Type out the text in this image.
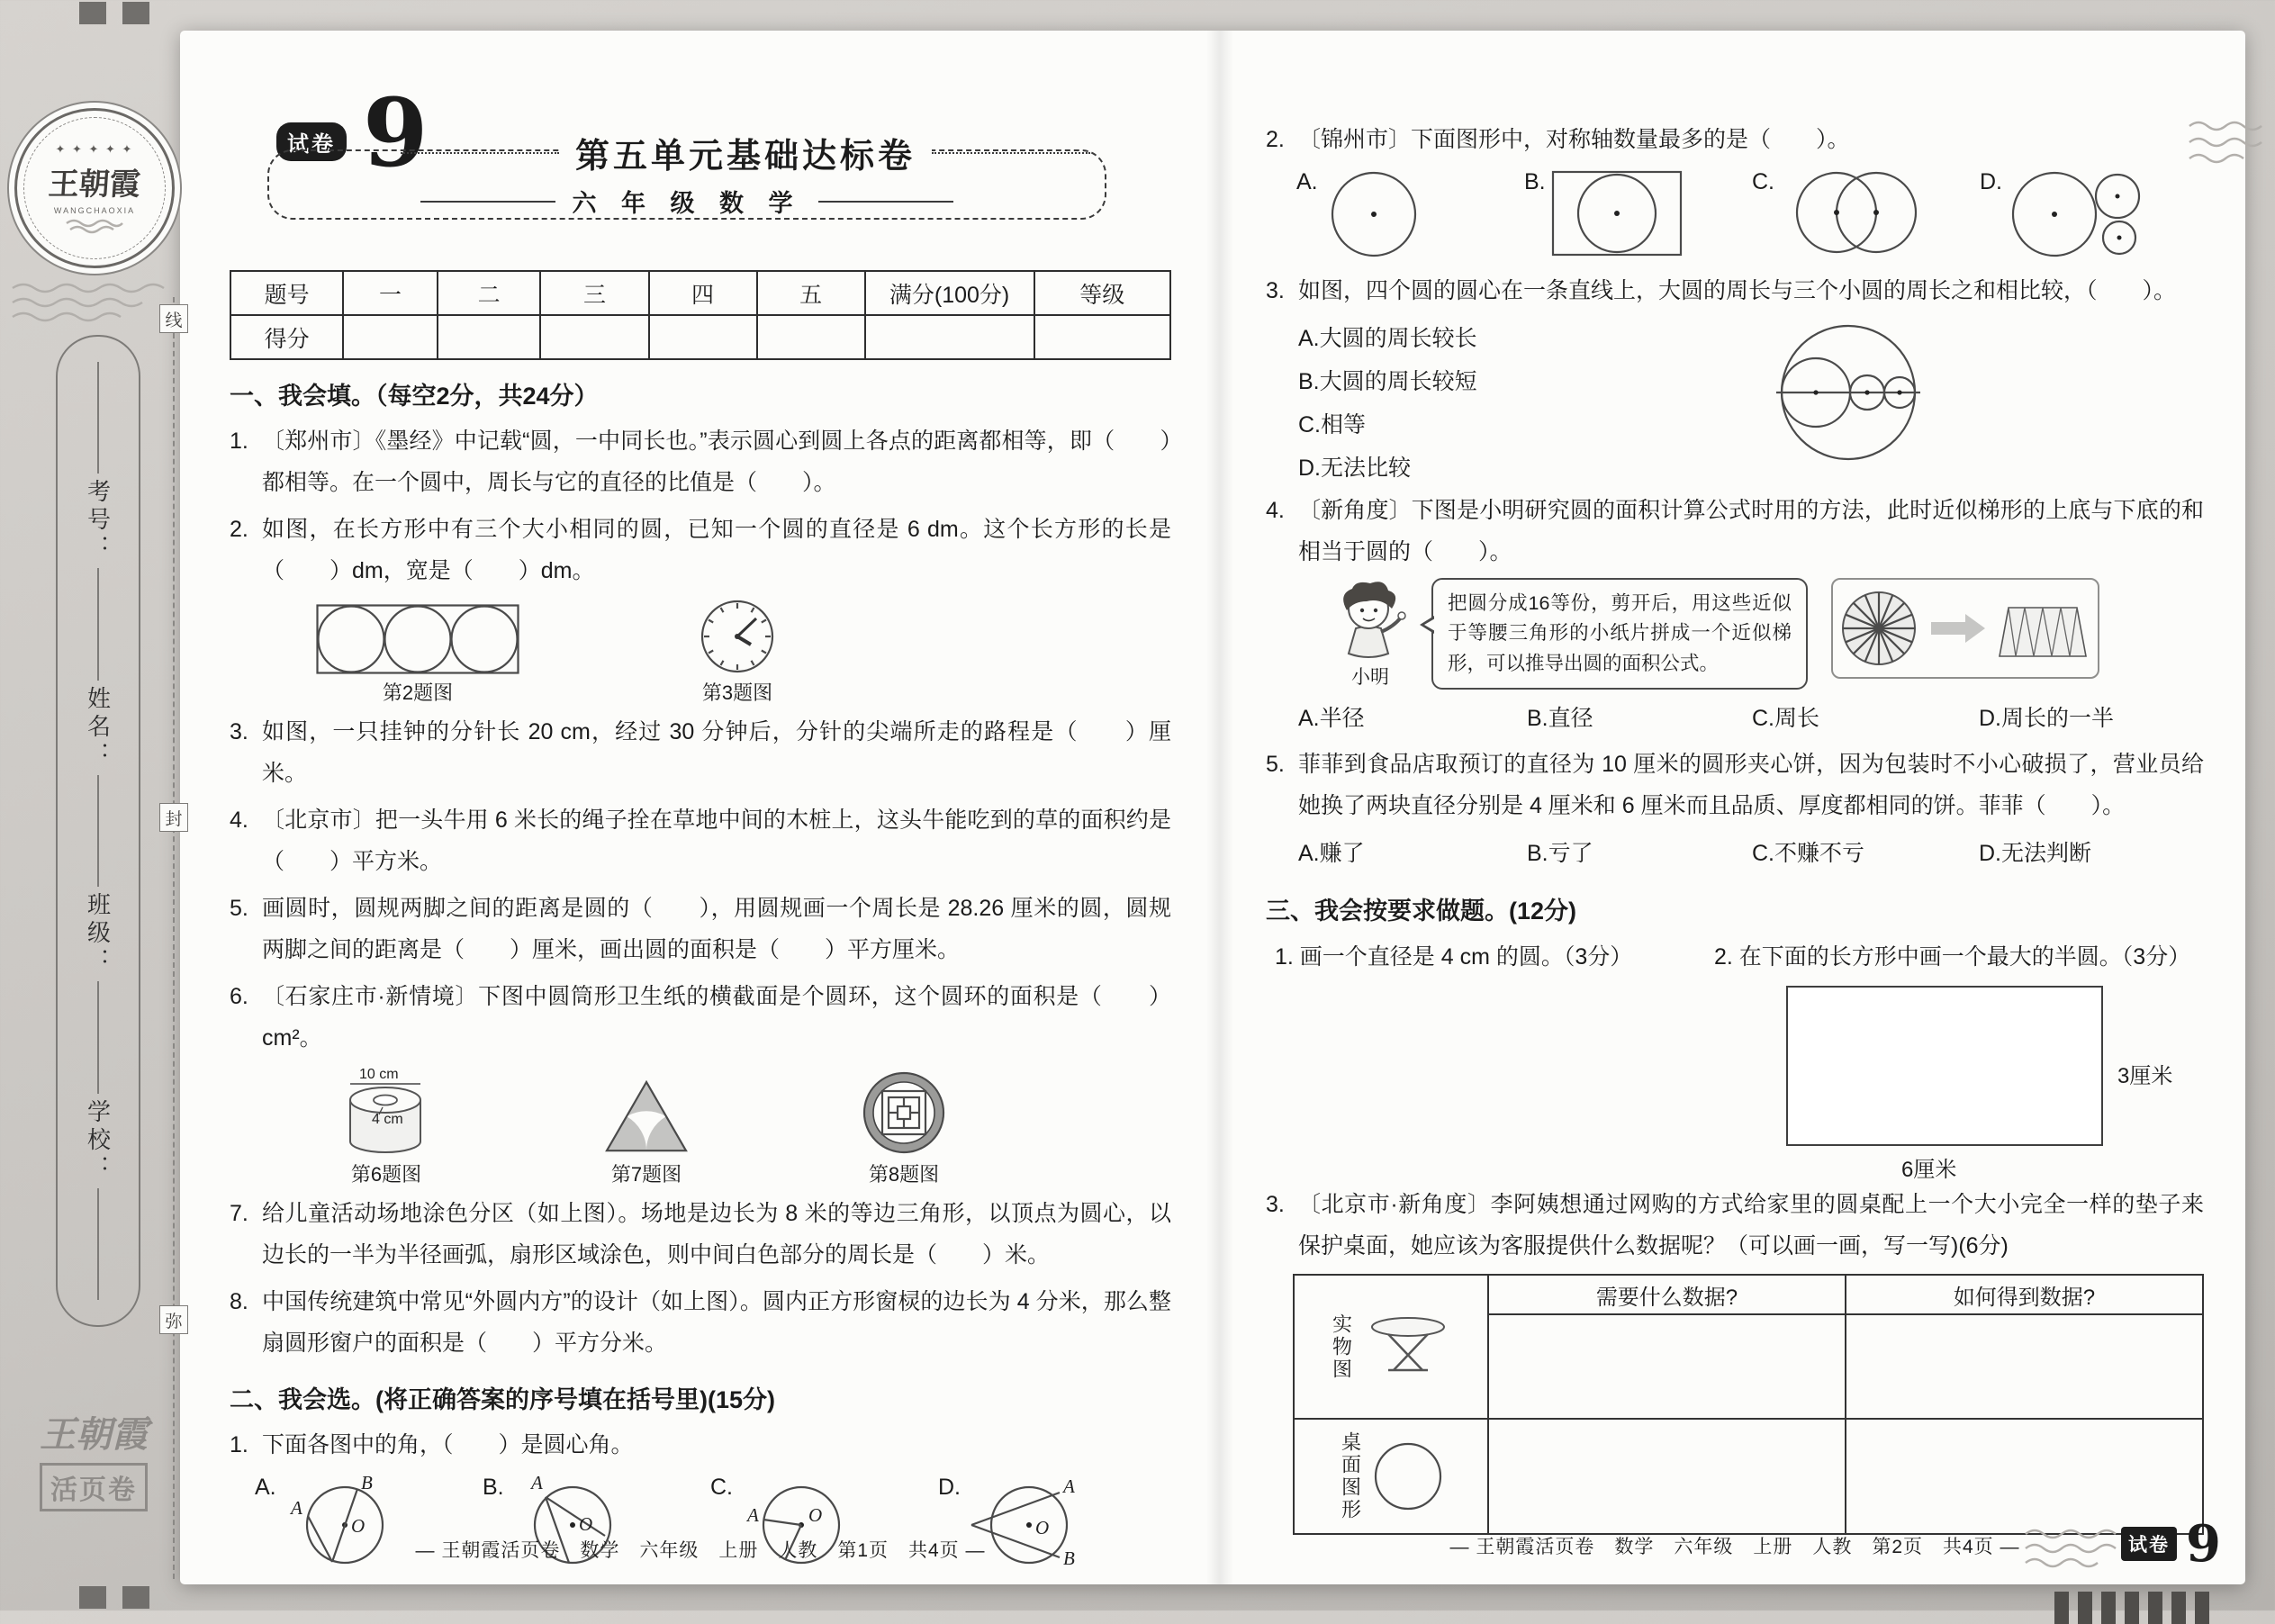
✦ ✦ ✦ ✦ ✦
王朝霞
WANGCHAOXIA
线
封
弥
考号：
姓名：
班级：
学校：
王朝霞
活页卷
试卷 9	第五单元基础达标卷
六 年 级 数 学
题号	一	二	三	四	五	满分(100分)	等级
得分							
一、我会填。（每空2分，共24分）
1. 〔郑州市〕《墨经》中记载“圆，一中同长也。”表示圆心到圆上各点的距离都相等，即（　　）都相等。在一个圆中，周长与它的直径的比值是（　　）。
2. 如图，在长方形中有三个大小相同的圆，已知一个圆的直径是 6 dm。这个长方形的长是（　　）dm，宽是（　　）dm。
第2题图	第3题图
3. 如图，一只挂钟的分针长 20 cm，经过 30 分钟后，分针的尖端所走的路程是（　　）厘米。
4. 〔北京市〕把一头牛用 6 米长的绳子拴在草地中间的木桩上，这头牛能吃到的草的面积约是（　　）平方米。
5. 画圆时，圆规两脚之间的距离是圆的（　　），用圆规画一个周长是 28.26 厘米的圆，圆规两脚之间的距离是（　　）厘米，画出圆的面积是（　　）平方厘米。
6. 〔石家庄市·新情境〕下图中圆筒形卫生纸的横截面是个圆环，这个圆环的面积是（　　）cm²。
10 cm
4 cm
第6题图	第7题图	第8题图
7. 给儿童活动场地涂色分区（如上图）。场地是边长为 8 米的等边三角形，以顶点为圆心，以边长的一半为半径画弧，扇形区域涂色，则中间白色部分的周长是（　　）米。
8. 中国传统建筑中常见“外圆内方”的设计（如上图）。圆内正方形窗棂的边长为 4 分米，那么整扇圆形窗户的面积是（　　）平方分米。
二、我会选。(将正确答案的序号填在括号里)(15分)
1. 下面各图中的角，（　　）是圆心角。
A.	B
A
O
B. A
O
C.
A	O
D.	A
B
O
— 王朝霞活页卷　数学　六年级　上册　人教　第1页　共4页 —
2. 〔锦州市〕下面图形中，对称轴数量最多的是（　　）。
A.	B.	C.	D.
3. 如图，四个圆的圆心在一条直线上，大圆的周长与三个小圆的周长之和相比较，（　　）。
A.大圆的周长较长
B.大圆的周长较短
C.相等
D.无法比较
4. 〔新角度〕下图是小明研究圆的面积计算公式时用的方法，此时近似梯形的上底与下底的和相当于圆的（　　）。
小明
把圆分成16等份，剪开后，用这些近似于等腰三角形的小纸片拼成一个近似梯形，可以推导出圆的面积公式。
A.半径	B.直径	C.周长	D.周长的一半
5. 菲菲到食品店取预订的直径为 10 厘米的圆形夹心饼，因为包装时不小心破损了，营业员给她换了两块直径分别是 4 厘米和 6 厘米而且品质、厚度都相同的饼。菲菲（　　）。
A.赚了	B.亏了	C.不赚不亏	D.无法判断
三、我会按要求做题。(12分)
1. 画一个直径是 4 cm 的圆。（3分）	2. 在下面的长方形中画一个最大的半圆。（3分）
3厘米
6厘米
3. 〔北京市·新角度〕李阿姨想通过网购的方式给家里的圆桌配上一个大小完全一样的垫子来保护桌面，她应该为客服提供什么数据呢？（可以画一画，写一写)(6分)
实物图	需要什么数据?	如何得到数据?

桌面图形		

— 王朝霞活页卷　数学　六年级　上册　人教　第2页　共4页 —	试卷 9
